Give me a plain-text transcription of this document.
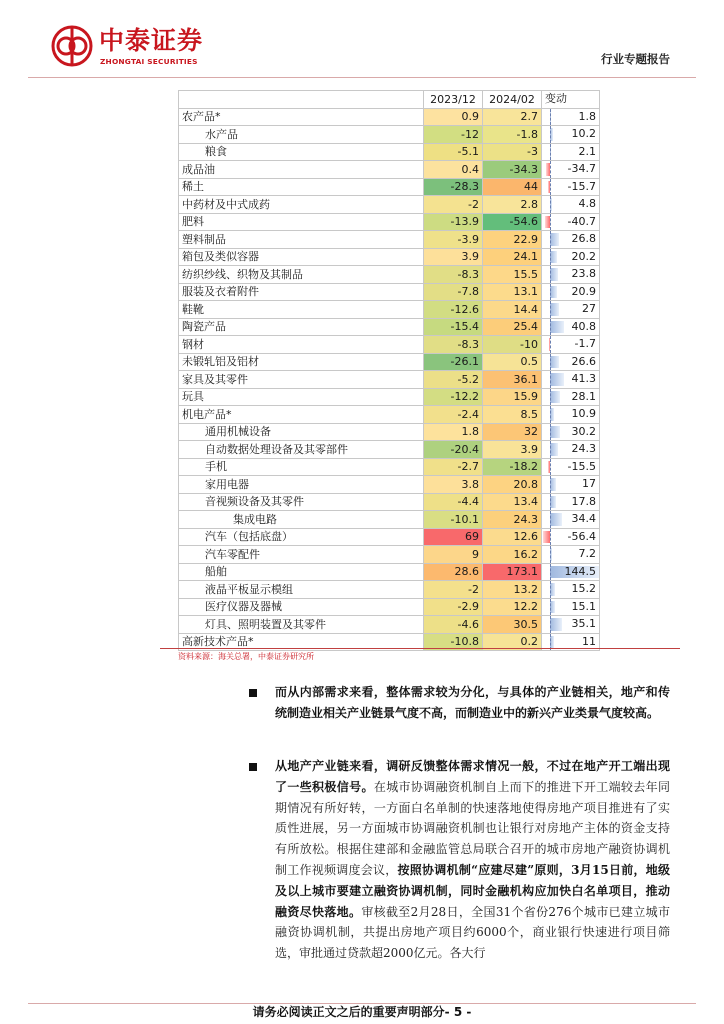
中泰证券
ZHONGTAI SECURITIES	行业专题报告
	2023/12	2024/02	变动

农产品*	0.9	2.7	1.8

水产品	-12	-1.8	10.2

粮食	-5.1	-3	2.1

成品油	0.4	-34.3	-34.7

稀土	-28.3	44	-15.7

中药材及中式成药	-2	2.8	4.8

肥料	-13.9	-54.6	-40.7

塑料制品	-3.9	22.9	26.8

箱包及类似容器	3.9	24.1	20.2

纺织纱线、织物及其制品	-8.3	15.5	23.8

服装及衣着附件	-7.8	13.1	20.9

鞋靴	-12.6	14.4	27

陶瓷产品	-15.4	25.4	40.8

钢材	-8.3	-10	-1.7

未锻轧铝及铝材	-26.1	0.5	26.6

家具及其零件	-5.2	36.1	41.3

玩具	-12.2	15.9	28.1

机电产品*	-2.4	8.5	10.9

通用机械设备	1.8	32	30.2

自动数据处理设备及其零部件	-20.4	3.9	24.3

手机	-2.7	-18.2	-15.5

家用电器	3.8	20.8	17

音视频设备及其零件	-4.4	13.4	17.8

集成电路	-10.1	24.3	34.4

汽车（包括底盘）	69	12.6	-56.4

汽车零配件	9	16.2	7.2

船舶	28.6	173.1	144.5

液晶平板显示模组	-2	13.2	15.2

医疗仪器及器械	-2.9	12.2	15.1

灯具、照明装置及其零件	-4.6	30.5	35.1

高新技术产品*	-10.8	0.2	11
资料来源：海关总署，中泰证券研究所
而从内部需求来看，整体需求较为分化，与具体的产业链相关，地产和传统制造业相关产业链景气度不高，而制造业中的新兴产业类景气度较高。
从地产产业链来看，调研反馈整体需求情况一般，不过在地产开工端出现了一些积极信号。在城市协调融资机制自上而下的推进下开工端较去年同期情况有所好转，一方面白名单制的快速落地使得房地产项目推进有了实质性进展，另一方面城市协调融资机制也让银行对房地产主体的资金支持有所放松。根据住建部和金融监管总局联合召开的城市房地产融资协调机制工作视频调度会议，按照协调机制“应建尽建”原则，3月15日前，地级及以上城市要建立融资协调机制，同时金融机构应加快白名单项目，推动融资尽快落地。审核截至2月28日，全国31个省份276个城市已建立城市融资协调机制，共提出房地产项目约6000个，商业银行快速进行项目筛选，审批通过贷款超2000亿元。各大行
请务必阅读正文之后的重要声明部分- 5 -
